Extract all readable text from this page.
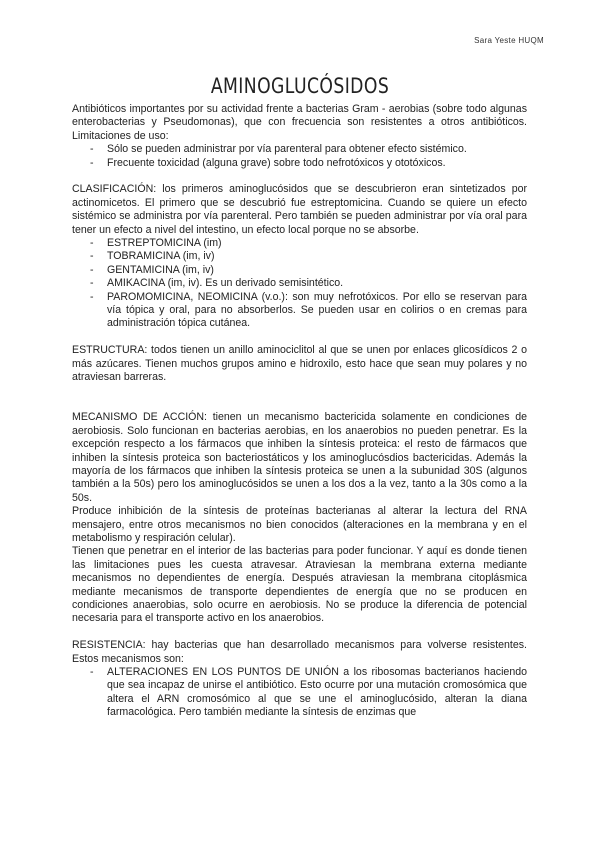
Sara Yeste HUQM
AMINOGLUCÓSIDOS

Antibióticos importantes por su actividad frente a bacterias Gram - aerobias (sobre todo algunas enterobacterias y Pseudomonas), que con frecuencia son resistentes a otros antibióticos. Limitaciones de uso:

- Sólo se pueden administrar por vía parenteral para obtener efecto sistémico.
- Frecuente toxicidad (alguna grave) sobre todo nefrotóxicos y ototóxicos.

CLASIFICACIÓN: los primeros aminoglucósidos que se descubrieron eran sintetizados por actinomicetos. El primero que se descubrió fue estreptomicina. Cuando se quiere un efecto sistémico se administra por vía parenteral. Pero también se pueden administrar por vía oral para tener un efecto a nivel del intestino, un efecto local porque no se absorbe.

- ESTREPTOMICINA (im)
- TOBRAMICINA (im, iv)
- GENTAMICINA (im, iv)
- AMIKACINA (im, iv). Es un derivado semisintético.
- PAROMOMICINA, NEOMICINA (v.o.): son muy nefrotóxicos. Por ello se reservan para vía tópica y oral, para no absorberlos. Se pueden usar en colirios o en cremas para administración tópica cutánea.

ESTRUCTURA: todos tienen un anillo aminociclitol al que se unen por enlaces glicosídicos 2 o más azúcares. Tienen muchos grupos amino e hidroxilo, esto hace que sean muy polares y no atraviesan barreras.

MECANISMO DE ACCIÓN: tienen un mecanismo bactericida solamente en condiciones de aerobiosis. Solo funcionan en bacterias aerobias, en los anaerobios no pueden penetrar. Es la excepción respecto a los fármacos que inhiben la síntesis proteica: el resto de fármacos que inhiben la síntesis proteica son bacteriostáticos y los aminoglucósdios bactericidas. Además la mayoría de los fármacos que inhiben la síntesis proteica se unen a la subunidad 30S (algunos también a la 50s) pero los aminoglucósidos se unen a los dos a la vez, tanto a la 30s como a la 50s.

Produce inhibición de la síntesis de proteínas bacterianas al alterar la lectura del RNA mensajero, entre otros mecanismos no bien conocidos (alteraciones en la membrana y en el metabolismo y respiración celular).

Tienen que penetrar en el interior de las bacterias para poder funcionar. Y aquí es donde tienen las limitaciones pues les cuesta atravesar. Atraviesan la membrana externa mediante mecanismos no dependientes de energía. Después atraviesan la membrana citoplásmica mediante mecanismos de transporte dependientes de energía que no se producen en condiciones anaerobias, solo ocurre en aerobiosis. No se produce la diferencia de potencial necesaria para el transporte activo en los anaerobios.

RESISTENCIA: hay bacterias que han desarrollado mecanismos para volverse resistentes. Estos mecanismos son:

- ALTERACIONES EN LOS PUNTOS DE UNIÓN a los ribosomas bacterianos haciendo que sea incapaz de unirse el antibiótico. Esto ocurre por una mutación cromosómica que altera el ARN cromosómico al que se une el aminoglucósido, alteran la diana farmacológica. Pero también mediante la síntesis de enzimas que
